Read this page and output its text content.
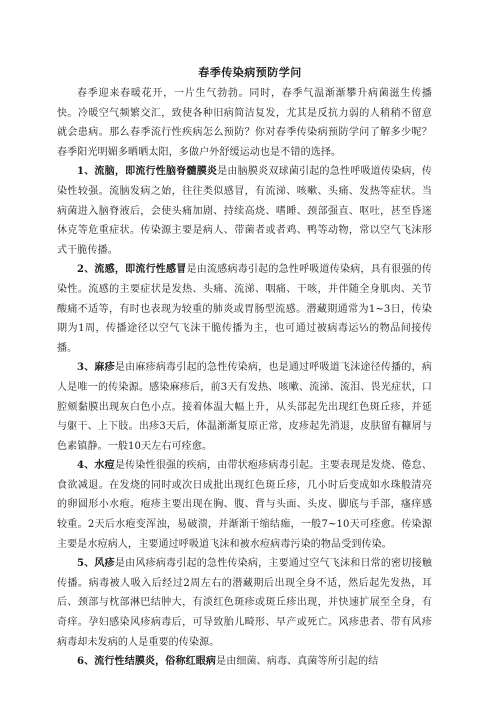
春季传染病预防学问

春季迎来春暖花开，一片生气勃勃。同时，春季气温渐渐攀升病菌滋生传播快。冷暖空气频繁交汇，致使各种旧病简洁复发，尤其是反抗力弱的人稍稍不留意就会患病。那么春季流行性疾病怎么预防？你对春季传染病预防学问了解多少呢？春季阳光明媚多晒晒太阳，多做户外舒缓运动也是不错的选择。

1、流脑，即流行性脑脊髓膜炎是由脑膜炎双球菌引起的急性呼吸道传染病，传染性较强。流脑发病之始，往往类似感冒，有流涕、咳嗽、头痛、发热等症状。当病菌进入脑脊液后，会使头痛加剧、持续高烧、嗜睡、颈部强直、呕吐，甚至昏迷休克等危重症状。传染源主要是病人、带菌者或者鸡、鸭等动物，常以空气飞沫形式干脆传播。

2、流感，即流行性感冒是由流感病毒引起的急性呼吸道传染病，具有很强的传染性。流感的主要症状是发热、头痛、流涕、咽痛、干咳，并伴随全身肌肉、关节酸痛不适等，有时也表现为较重的肺炎或胃肠型流感。潜藏期通常为1~3日，传染期为1周，传播途径以空气飞沫干脆传播为主，也可通过被病毒运⅓的物品间接传播。

3、麻疹是由麻疹病毒引起的急性传染病，也是通过呼吸道飞沫途径传播的，病人是唯一的传染源。感染麻疹后，前3天有发热、咳嗽、流涕、流泪、畏光症状，口腔颊黏膜出现灰白色小点。接着体温大幅上升，从头部起先出现红色斑丘疹，并延与躯干、上下肢。出疹3天后，体温渐渐复原正常，皮疹起先消退，皮肤留有糠屑与色素镇静。一般10天左右可痊愈。

4、水痘是传染性很强的疾病，由带状疱疹病毒引起。主要表现是发烧、倦怠、食欲减退。在发烧的同时或次日成批出现红色斑丘疹，几小时后变成如水珠般清亮的卵圆形小水疱。疱疹主要出现在胸、腹、背与头面、头皮、脚底与手部，瘙痒感较重。2天后水疱变浑浊，易破溃，并渐渐干缩结痂，一般7~10天可痊愈。传染源主要是水痘病人，主要通过呼吸道飞沫和被水痘病毒污染的物品受到传染。

5、风疹是由风疹病毒引起的急性传染病，主要通过空气飞沫和日常的密切接触传播。病毒被人吸入后经过2周左右的潜藏期后出现全身不适，然后起先发热，耳后、颈部与枕部淋巴结肿大，有淡红色斑疹或斑丘疹出现，并快速扩展至全身，有奇痒。孕妇感染风疹病毒后，可导致胎儿畸形、早产或死亡。风疹患者、带有风疹病毒却未发病的人是重要的传染源。

6、流行性结膜炎，俗称红眼病是由细菌、病毒、真菌等所引起的结
